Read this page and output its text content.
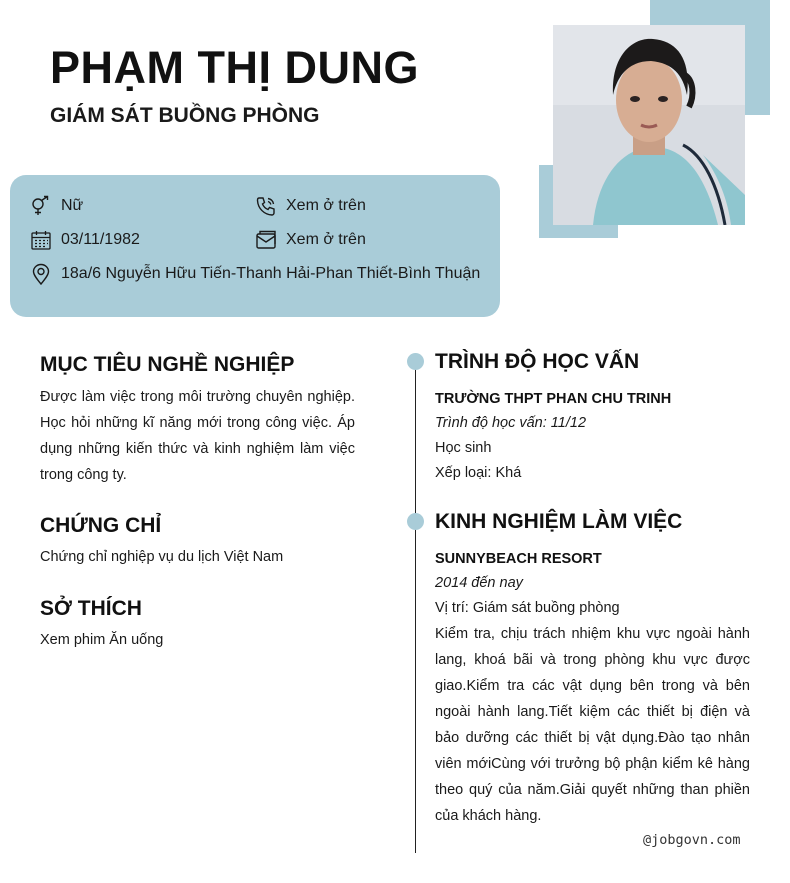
PHẠM THỊ DUNG
GIÁM SÁT BUỒNG PHÒNG
Nữ	Xem ở trên
03/11/1982	Xem ở trên
18a/6 Nguyễn Hữu Tiến-Thanh Hải-Phan Thiết-Bình Thuận
MỤC TIÊU NGHỀ NGHIỆP
Được làm việc trong môi trường chuyên nghiệp. Học hỏi những kĩ năng mới trong công việc. Áp dụng những kiến thức và kinh nghiệm làm việc trong công ty.
CHỨNG CHỈ
Chứng chỉ nghiệp vụ du lịch Việt Nam
SỞ THÍCH
Xem phim Ăn uống
TRÌNH ĐỘ HỌC VẤN
TRƯỜNG THPT PHAN CHU TRINH
Trình độ học vấn: 11/12
Học sinh
Xếp loại: Khá
KINH NGHIỆM LÀM VIỆC
SUNNYBEACH RESORT
2014 đến nay
Vị trí: Giám sát buồng phòng
Kiểm tra, chịu trách nhiệm khu vực ngoài hành lang, khoá bãi và trong phòng khu vực được giao.Kiểm tra các vật dụng bên trong và bên ngoài hành lang.Tiết kiệm các thiết bị điện và bảo dưỡng các thiết bị vật dụng.Đào tạo nhân viên mớiCùng với trưởng bộ phận kiểm kê hàng theo quý của năm.Giải quyết những than phiền của khách hàng.
@jobgovn.com
